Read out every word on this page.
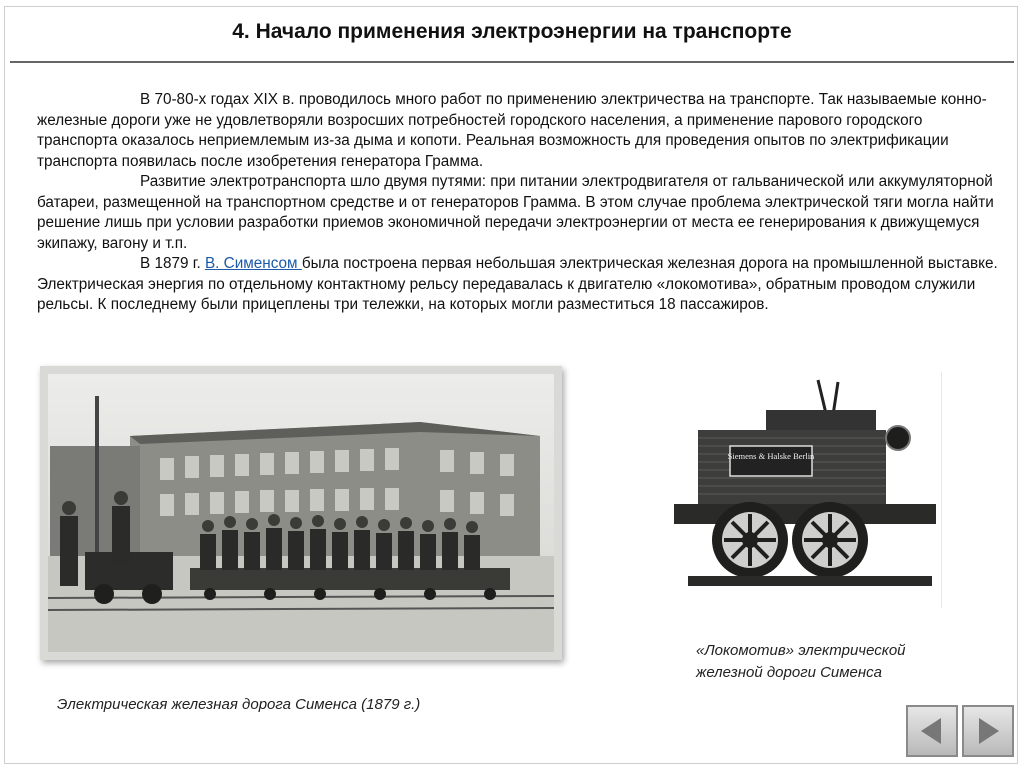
4. Начало применения электроэнергии на транспорте

В 70-80-х годах XIX в. проводилось много работ по применению электричества на транспорте. Так называемые конно-железные дороги уже не удовлетворяли возросших потребностей городского населения, а применение парового городского транспорта оказалось неприемлемым из-за дыма и копоти. Реальная возможность для проведения опытов по электрификации транспорта появилась после изобретения генератора Грамма.

Развитие электротранспорта шло двумя путями: при питании электродвигателя от гальванической или аккумуляторной батареи, размещенной на транспортном средстве и от генераторов Грамма. В этом случае проблема электрической тяги могла найти решение лишь при условии разработки приемов экономичной передачи электроэнергии от места ее генерирования к движущемуся экипажу, вагону и т.п.

В 1879 г. В. Сименсом была построена первая небольшая электрическая железная дорога на промышленной выставке. Электрическая энергия по отдельному контактному рельсу передавалась к двигателю «локомотива», обратным проводом служили рельсы. К последнему были прицеплены три тележки, на которых могли разместиться 18 пассажиров.

Siemens & Halske Berlin
Электрическая железная дорога Сименса (1879 г.)
«Локомотив» электрической
железной дороги Сименса
